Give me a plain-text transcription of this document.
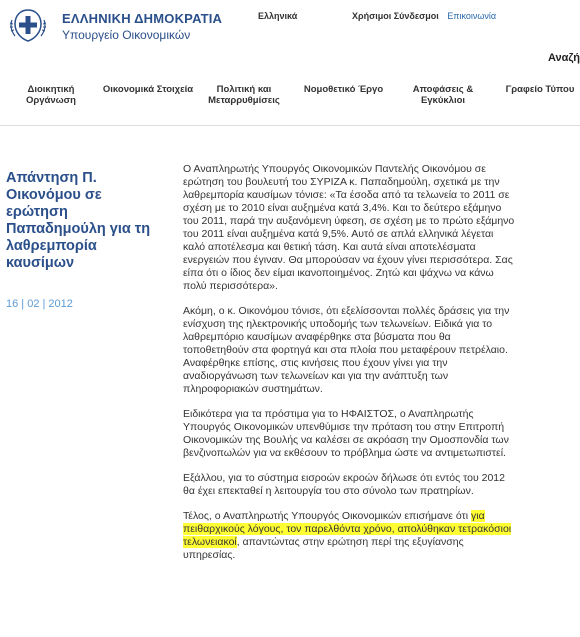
ΕΛΛΗΝΙΚΗ ΔΗΜΟΚΡΑΤΙΑ
Υπουργείο Οικονομικών
Ελληνικά	Χρήσιμοι Σύνδεσμοι Επικοινωνία
Αναζή
Διοικητική Οργάνωση
Οικονομικά Στοιχεία	Πολιτική και Μεταρρυθμίσεις
Νομοθετικό Έργο	Αποφάσεις & Εγκύκλιοι
Γραφείο Τύπου
Απάντηση Π. Οικονόμου σε ερώτηση Παπαδημούλη για τη λαθρεμπορία καυσίμων
16 | 02 | 2012

Ο Αναπληρωτής Υπουργός Οικονομικών Παντελής Οικονόμου σε ερώτηση του βουλευτή του ΣΥΡΙΖΑ κ. Παπαδημούλη, σχετικά με την λαθρεμπορία καυσίμων τόνισε: «Τα έσοδα από τα τελωνεία το 2011 σε σχέση με το 2010 είναι αυξημένα κατά 3,4%. Και το δεύτερο εξάμηνο του 2011, παρά την αυξανόμενη ύφεση, σε σχέση με το πρώτο εξάμηνο του 2011 είναι αυξημένα κατά 9,5%. Αυτό σε απλά ελληνικά λέγεται καλό αποτέλεσμα και θετική τάση. Και αυτά είναι αποτελέσματα ενεργειών που έγιναν. Θα μπορούσαν να έχουν γίνει περισσότερα. Σας είπα ότι ο ίδιος δεν είμαι ικανοποιημένος. Ζητώ και ψάχνω να κάνω πολύ περισσότερα».

Ακόμη, ο κ. Οικονόμου τόνισε, ότι εξελίσσονται πολλές δράσεις για την ενίσχυση της ηλεκτρονικής υποδομής των τελωνείων. Ειδικά για το λαθρεμπόριο καυσίμων αναφέρθηκε στα βύσματα που θα τοποθετηθούν στα φορτηγά και στα πλοία που μεταφέρουν πετρέλαιο. Αναφέρθηκε επίσης, στις κινήσεις που έχουν γίνει για την αναδιοργάνωση των τελωνείων και για την ανάπτυξη των πληροφοριακών συστημάτων.

Ειδικότερα για τα πρόστιμα για το ΗΦΑΙΣΤΟΣ, ο Αναπληρωτής Υπουργός Οικονομικών υπενθύμισε την πρόταση του στην Επιτροπή Οικονομικών της Βουλής να καλέσει σε ακρόαση την Ομοσπονδία των βενζινοπωλών για να εκθέσουν το πρόβλημα ώστε να αντιμετωπιστεί.

Εξάλλου, για το σύστημα εισροών εκροών δήλωσε ότι εντός του 2012 θα έχει επεκταθεί η λειτουργία του στο σύνολο των πρατηρίων.

Τέλος, ο Αναπληρωτής Υπουργός Οικονομικών επισήμανε ότι για πειθαρχικούς λόγους, τον παρελθόντα χρόνο, απολύθηκαν τετρακόσιοι τελωνειακοί, απαντώντας στην ερώτηση περί της εξυγίανσης υπηρεσίας.
